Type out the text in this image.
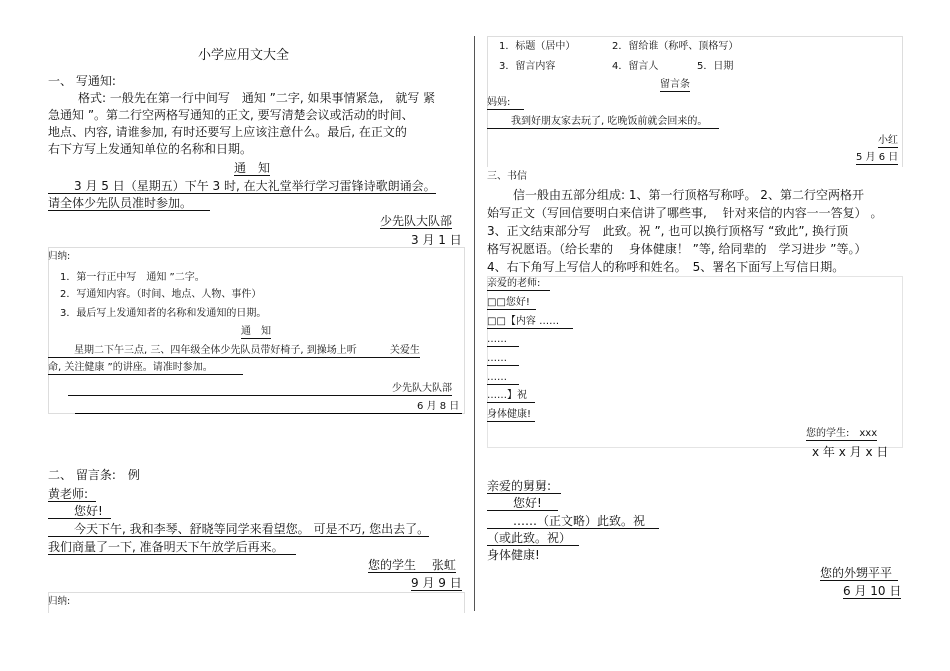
小学应用文大全
一、 写通知:
格式: 一般先在第一行中间写　通知 ”二字, 如果事情紧急,　就写 紧
急通知 ”。第二行空两格写通知的正文, 要写清楚会议或活动的时间、
地点、内容, 请谁参加, 有时还要写上应该注意什么。最后, 在正文的
右下方写上发通知单位的名称和日期。
通　知
3 月 5 日（星期五）下午 3 时, 在大礼堂举行学习雷锋诗歌朗诵会。
请全体少先队员准时参加。
少先队大队部
3 月 1 日
归纳:
1．第一行正中写　通知 ”二字。
2．写通知内容。（时间、地点、人物、事件）
3．最后写上发通知者的名称和发通知的日期。
通　知
星期二下午三点, 三、四年级全体少先队员带好椅子, 到操场上听　　　 关爱生
命, 关注健康 ”的讲座。请准时参加。
少先队大队部
6 月 8 日
二、 留言条:　例
黄老师:
您好!
今天下午, 我和李琴、舒晓等同学来看望您。 可是不巧, 您出去了。
我们商量了一下, 准备明天下午放学后再来。
您的学生　 张虹
9 月 9 日
归纳:
1．标题（居中）	2．留给谁（称呼、顶格写）
3．留言内容	4．留言人	5．日期
留言条
妈妈:
我到好朋友家去玩了, 吃晚饭前就会回来的。
小红
5 月 6 日
三、书信
信一般由五部分组成: 1、第一行顶格写称呼。 2、第二行空两格开
始写正文（写回信要明白来信讲了哪些事,　 针对来信的内容一一答复） 。
3、正文结束部分写　此致。祝 ”, 也可以换行顶格写 “致此”, 换行顶
格写祝愿语。（给长辈的　 身体健康！ ”等, 给同辈的　学习进步 ”等。）
4、右下角写上写信人的称呼和姓名。　5、署名下面写上写信日期。
亲爱的老师:
□□您好!
□□【内容 ……
……
……
……
……】祝
身体健康!
您的学生:　xxx
x 年 x 月 x 日
亲爱的舅舅:
您好!
……（正文略）此致。祝
（或此致。祝）
身体健康!
您的外甥平平
6 月 10 日
